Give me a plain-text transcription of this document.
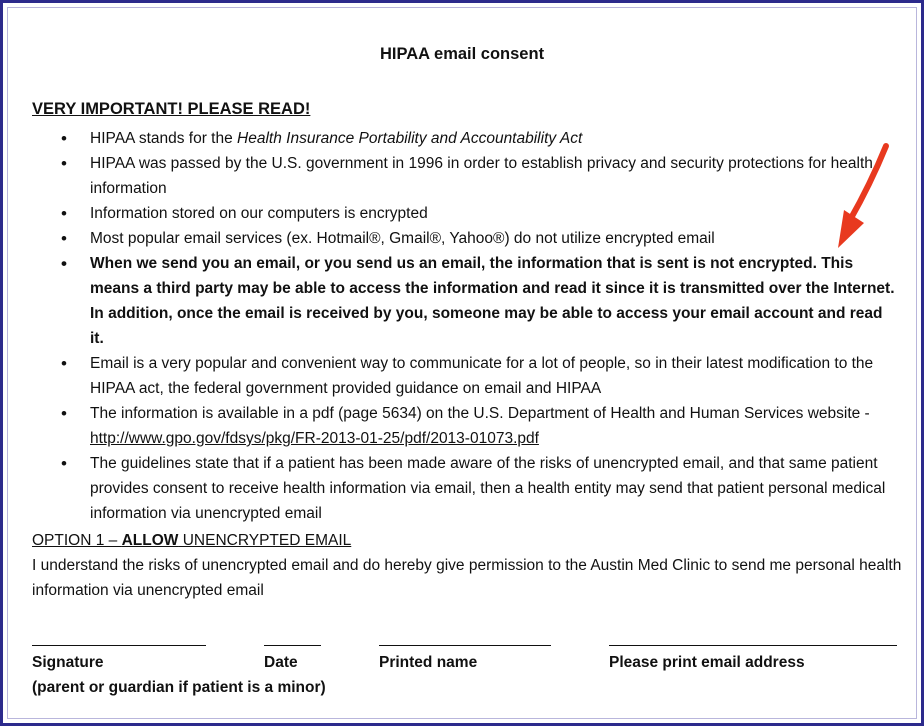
HIPAA email consent
VERY IMPORTANT! PLEASE READ!
• HIPAA stands for the Health Insurance Portability and Accountability Act
• HIPAA was passed by the U.S. government in 1996 in order to establish privacy and security protections for health information
• Information stored on our computers is encrypted
• Most popular email services (ex. Hotmail®, Gmail®, Yahoo®) do not utilize encrypted email
• When we send you an email, or you send us an email, the information that is sent is not encrypted. This means a third party may be able to access the information and read it since it is transmitted over the Internet. In addition, once the email is received by you, someone may be able to access your email account and read it.
• Email is a very popular and convenient way to communicate for a lot of people, so in their latest modification to the HIPAA act, the federal government provided guidance on email and HIPAA
• The information is available in a pdf (page 5634) on the U.S. Department of Health and Human Services website - http://www.gpo.gov/fdsys/pkg/FR-2013-01-25/pdf/2013-01073.pdf
• The guidelines state that if a patient has been made aware of the risks of unencrypted email, and that same patient provides consent to receive health information via email, then a health entity may send that patient personal medical information via unencrypted email
OPTION 1 – ALLOW UNENCRYPTED EMAIL
I understand the risks of unencrypted email and do hereby give permission to the Austin Med Clinic to send me personal health information via unencrypted email
Signature	Date	Printed name	Please print email address
(parent or guardian if patient is a minor)
